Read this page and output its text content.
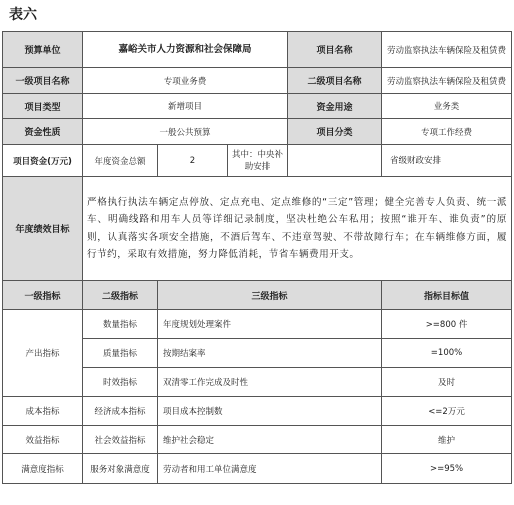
表六
预算单位	嘉峪关市人力资源和社会保障局			项目名称	劳动监察执法车辆保险及租赁费
一级项目名称	专项业务费			二级项目名称	劳动监察执法车辆保险及租赁费
项目类型	新增项目			资金用途	业务类
资金性质	一般公共预算			项目分类	专项工作经费
项目资金(万元)	年度资金总额	2	其中：中央补助安排		省级财政安排
年度绩效目标	严格执行执法车辆定点停放、定点充电、定点维修的“三定”管理；健全完善专人负责、统一派车、明确线路和用车人员等详细记录制度，坚决杜绝公车私用；按照“谁开车、谁负责”的原则，认真落实各项安全措施，不酒后驾车、不违章驾驶、不带故障行车；在车辆维修方面，履行节约，采取有效措施，努力降低消耗，节省车辆费用开支。				
一级指标	二级指标	三级指标			指标目标值
产出指标	数量指标	年度规划处理案件			>=800 件
	质量指标	按期结案率			=100%
	时效指标	双清零工作完成及时性			及时
成本指标	经济成本指标	项目成本控制数			<=2万元
效益指标	社会效益指标	维护社会稳定			维护
满意度指标	服务对象满意度	劳动者和用工单位满意度			>=95%
